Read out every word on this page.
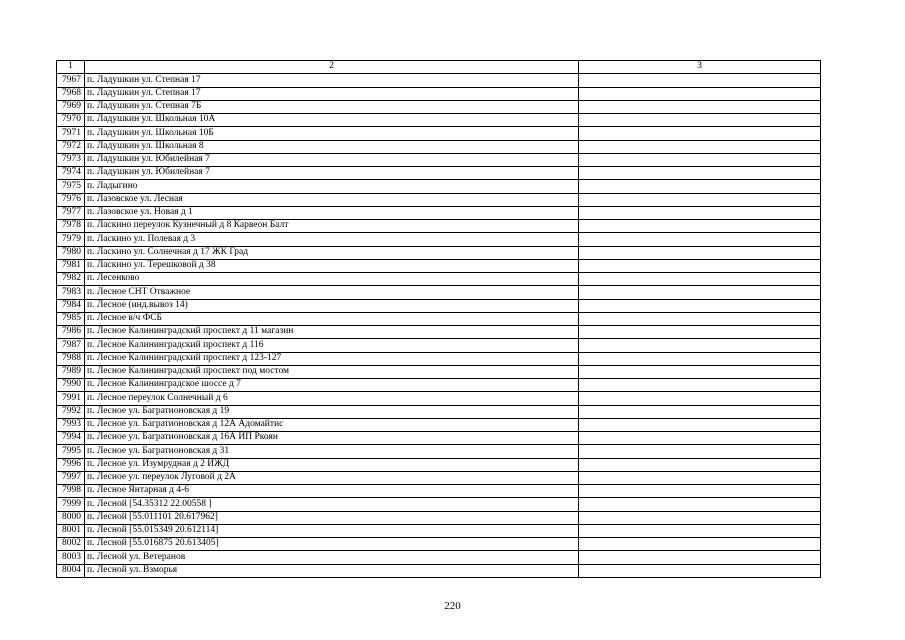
1	2	3
7967	п. Ладушкин ул. Степная 17	
7968	п. Ладушкин ул. Степная 17	
7969	п. Ладушкин ул. Степная 7Б	
7970	п. Ладушкин ул. Школьная 10А	
7971	п. Ладушкин ул. Школьная 10Б	
7972	п. Ладушкин ул. Школьная 8	
7973	п. Ладушкин ул. Юбилейная 7	
7974	п. Ладушкин ул. Юбилейная 7	
7975	п. Ладыгино	
7976	п. Лазовское ул. Лесная	
7977	п. Лазовское ул. Новая д 1	
7978	п. Ласкино переулок Кузнечный д 8 Карвеон Балт	
7979	п. Ласкино ул. Полевая д 3	
7980	п. Ласкино ул. Солнечная д 17 ЖК Град	
7981	п. Ласкино ул. Терешковой д 38	
7982	п. Лесенково	
7983	п. Лесное СНТ Отважное	
7984	п. Лесное (инд.вывоз 14)	
7985	п. Лесное в/ч ФСБ	
7986	п. Лесное Калининградский проспект д 11 магазин	
7987	п. Лесное Калининградский проспект д 116	
7988	п. Лесное Калининградский проспект д 123-127	
7989	п. Лесное Калининградский проспект под мостом	
7990	п. Лесное Калининградское шоссе д 7	
7991	п. Лесное переулок Солнечный д 6	
7992	п. Лесное ул. Багратионовская д 19	
7993	п. Лесное ул. Багратионовская д 12А Адомайтис	
7994	п. Лесное ул. Багратионовская д 16А ИП Ркоян	
7995	п. Лесное ул. Багратионовская д 31	
7996	п. Лесное ул. Изумрудная д 2 ИЖД	
7997	п. Лесное ул. переулок Луговой д 2А	
7998	п. Лесное Янтарная д 4-6	
7999	п. Лесной [54.35312 22.00558 ]	
8000	п. Лесной [55.011101 20.617962]	
8001	п. Лесной [55.015349 20.612114]	
8002	п. Лесной [55.016875 20.613405]	
8003	п. Лесной ул. Ветеранов	
8004	п. Лесной ул. Взморья	
220
